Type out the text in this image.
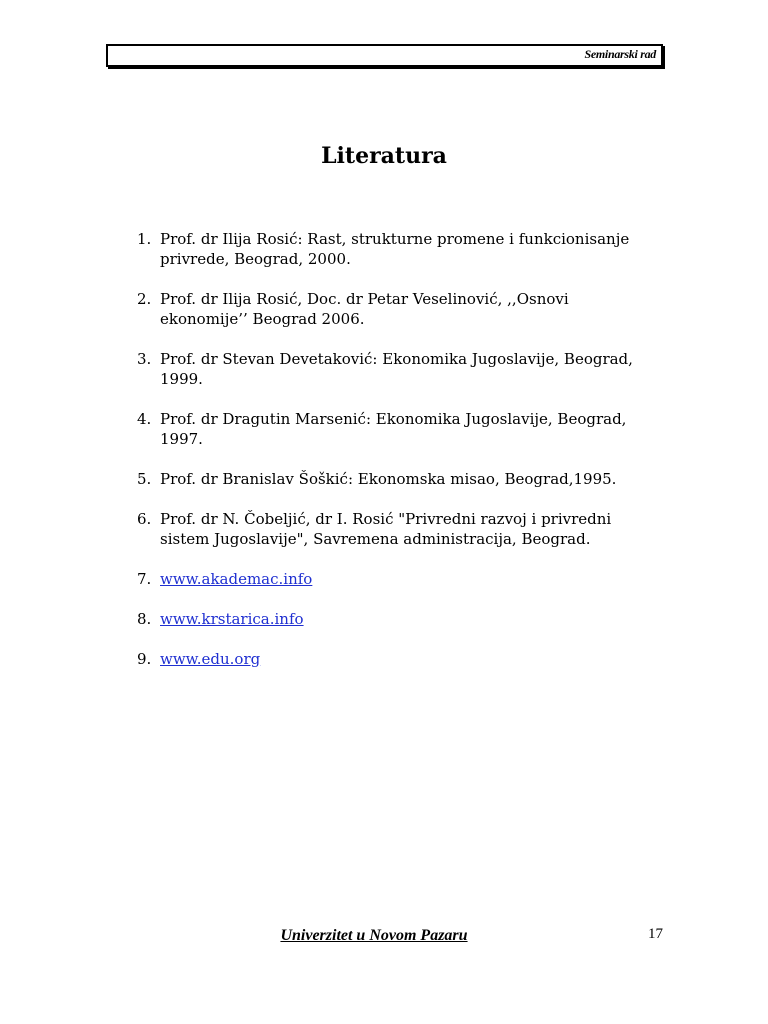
Seminarski rad
Literatura
1. Prof. dr Ilija Rosić: Rast, strukturne promene i funkcionisanje privrede, Beograd, 2000.
2. Prof. dr Ilija Rosić, Doc. dr Petar Veselinović, ,,Osnovi ekonomije’’ Beograd 2006.
3. Prof. dr Stevan Devetaković: Ekonomika Jugoslavije, Beograd, 1999.
4. Prof. dr Dragutin Marsenić: Ekonomika Jugoslavije, Beograd, 1997.
5. Prof. dr Branislav Šoškić: Ekonomska misao, Beograd,1995.
6. Prof. dr N. Čobeljić, dr I. Rosić "Privredni razvoj i privredni sistem Jugoslavije", Savremena administracija, Beograd.
7. www.akademac.info
8. www.krstarica.info
9. www.edu.org
Univerzitet u Novom Pazaru	17
